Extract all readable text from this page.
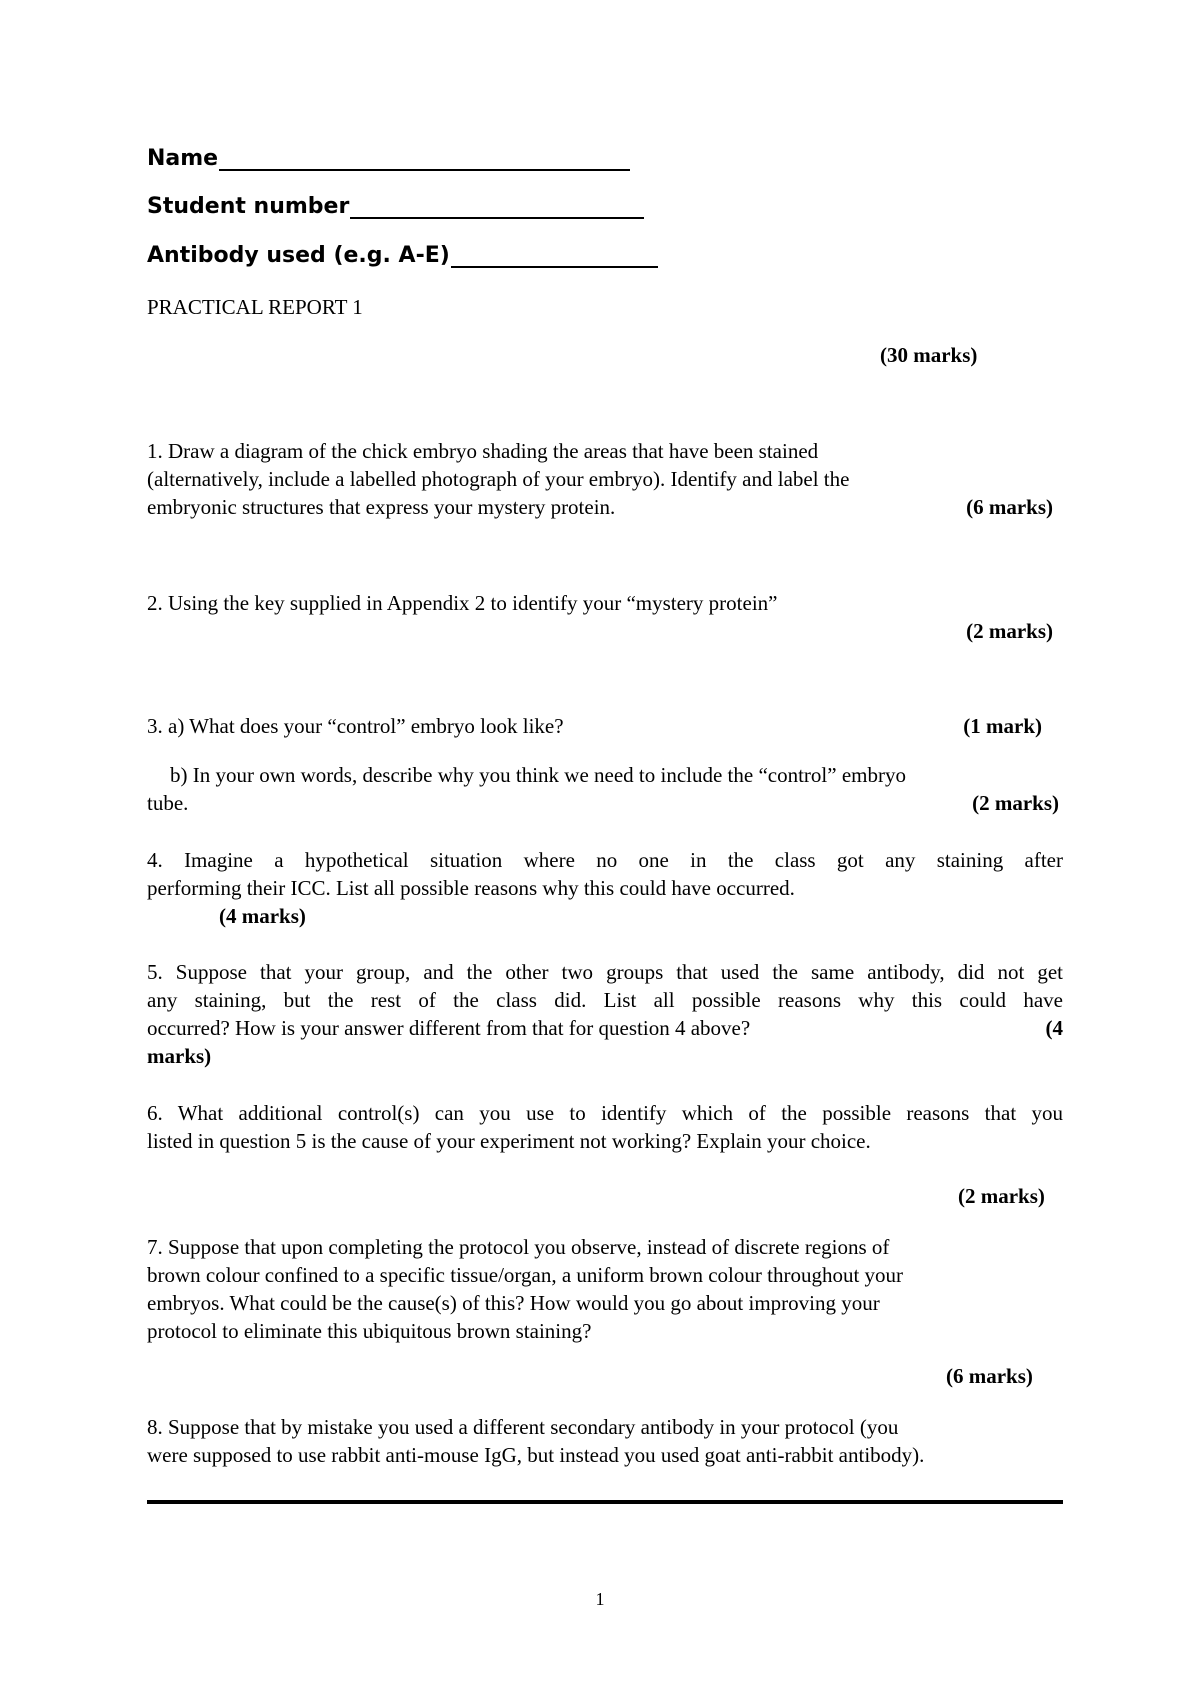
Name
Student number
Antibody used (e.g. A-E)
PRACTICAL REPORT 1
(30 marks)
1. Draw a diagram of the chick embryo shading the areas that have been stained
(alternatively, include a labelled photograph of your embryo). Identify and label the
embryonic structures that express your mystery protein.	(6 marks)
2. Using the key supplied in Appendix 2 to identify your “mystery protein”
(2 marks)
3. a) What does your “control” embryo look like?	(1 mark)
b) In your own words, describe why you think we need to include the “control” embryo
tube.	(2 marks)
4. Imagine a hypothetical situation where no one in the class got any staining after
performing their ICC. List all possible reasons why this could have occurred.
(4 marks)
5. Suppose that your group, and the other two groups that used the same antibody, did not get
any staining, but the rest of the class did. List all possible reasons why this could have
occurred? How is your answer different from that for question 4 above?	(4
marks)
6. What additional control(s) can you use to identify which of the possible reasons that you
listed in question 5 is the cause of your experiment not working? Explain your choice.
(2 marks)
7. Suppose that upon completing the protocol you observe, instead of discrete regions of
brown colour confined to a specific tissue/organ, a uniform brown colour throughout your
embryos. What could be the cause(s) of this? How would you go about improving your
protocol to eliminate this ubiquitous brown staining?
(6 marks)
8. Suppose that by mistake you used a different secondary antibody in your protocol (you
were supposed to use rabbit anti-mouse IgG, but instead you used goat anti-rabbit antibody).
1
